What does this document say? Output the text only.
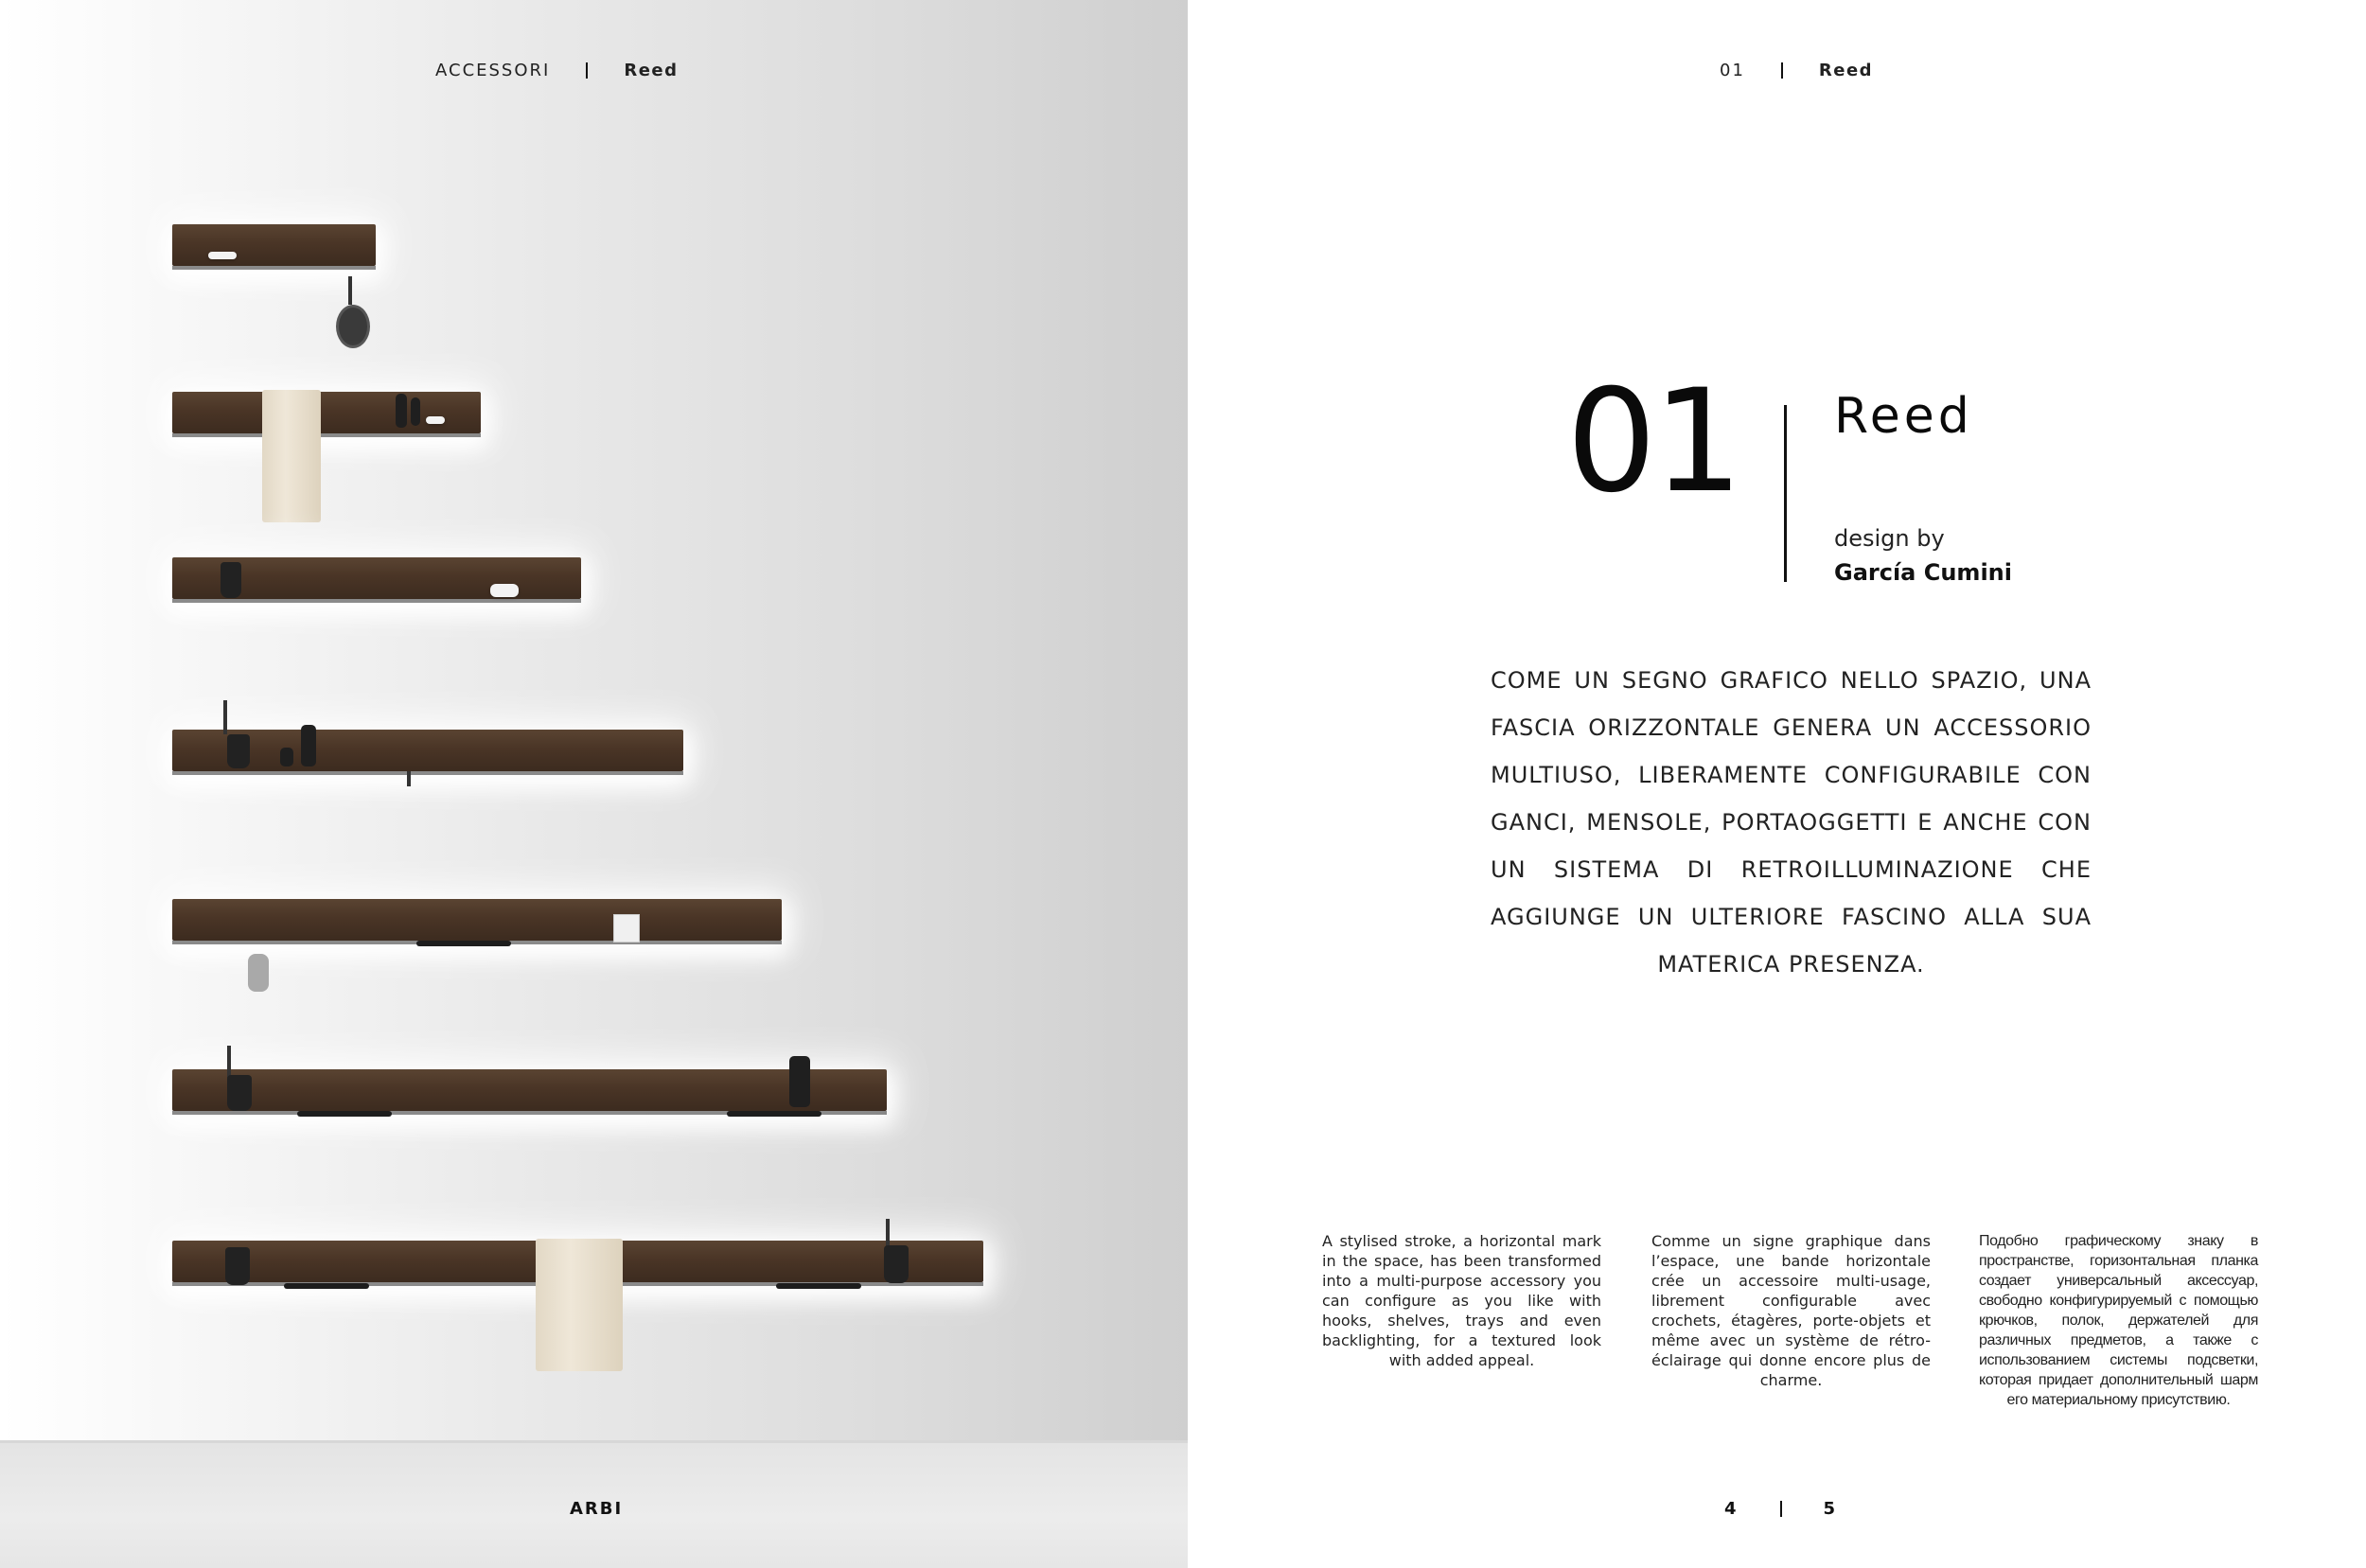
ACCESSORI	Reed
ARBI
01	Reed
01 Reed
design by
García Cumini
COME UN SEGNO GRAFICO NELLO SPAZIO, UNA FASCIA ORIZZONTALE GENERA UN ACCESSORIO MULTIUSO, LIBERAMENTE CONFIGURABILE CON GANCI, MENSOLE, PORTAOGGETTI E ANCHE CON UN SISTEMA DI RETROILLUMINAZIONE CHE AGGIUNGE UN ULTERIORE FASCINO ALLA SUA MATERICA PRESENZA.
A stylised stroke, a horizontal mark in the space, has been transformed into a multi-purpose accessory you can configure as you like with hooks, shelves, trays and even backlighting, for a textured look with added appeal.
Comme un signe graphique dans l’espace, une bande horizontale crée un accessoire multi-usage, librement configurable avec crochets, étagères, porte-objets et même avec un système de rétro-éclairage qui donne encore plus de charme.
Подобно графическому знаку в пространстве, горизонтальная планка создает универсальный аксессуар, свободно конфигурируемый с помощью крючков, полок, держателей для различных предметов, а также с использованием системы подсветки, которая придает дополнительный шарм его материальному присутствию.
4	5
